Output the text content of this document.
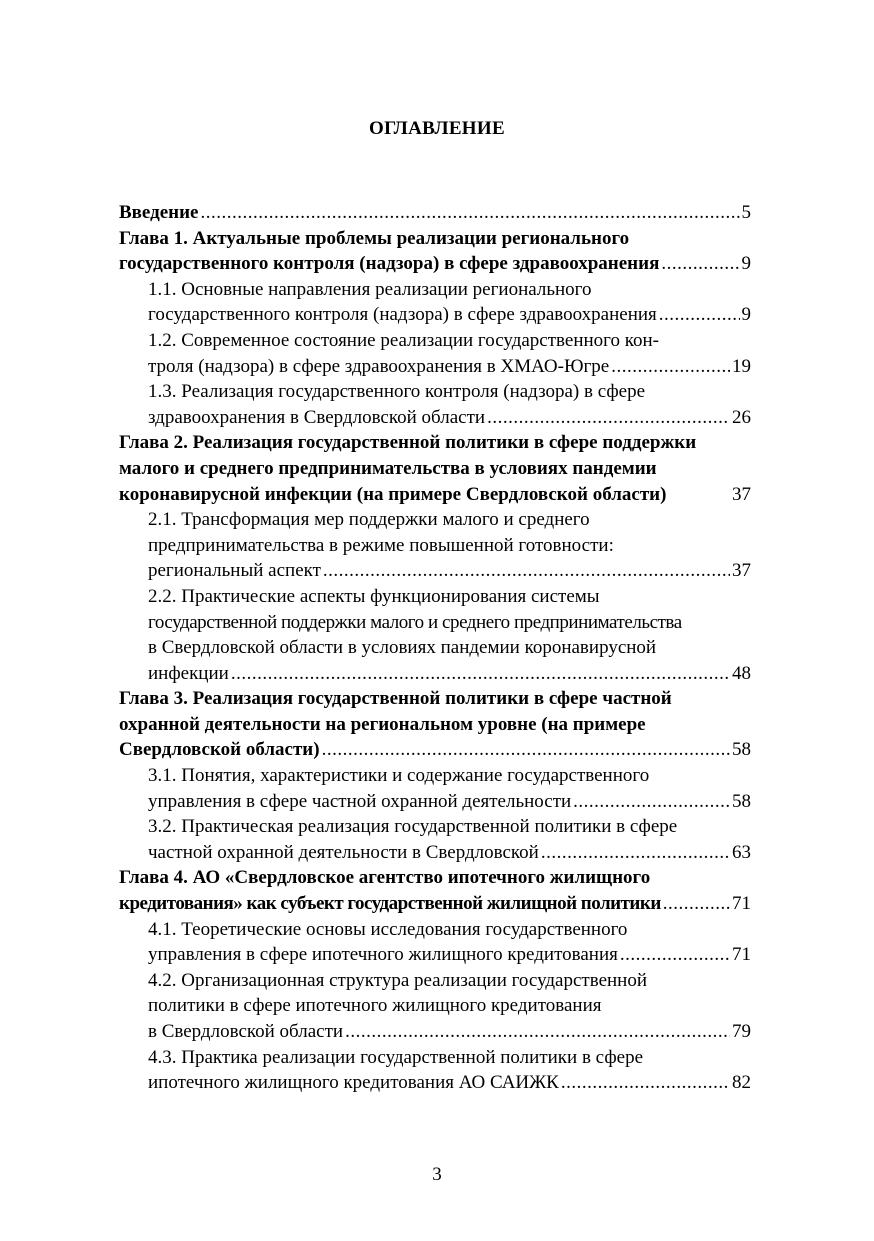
ОГЛАВЛЕНИЕ
Введение .....	5
Глава 1. Актуальные проблемы реализации регионального
государственного контроля (надзора) в сфере здравоохранения .....	9
1.1. Основные направления реализации регионального
государственного контроля (надзора) в сфере здравоохранения .....	9
1.2. Современное состояние реализации государственного кон-
троля (надзора) в сфере здравоохранения в ХМАО-Югре .....	19
1.3. Реализация государственного контроля (надзора) в сфере
здравоохранения в Свердловской области .....	26
Глава 2. Реализация государственной политики в сфере поддержки
малого и среднего предпринимательства в условиях пандемии
коронавирусной инфекции (на примере Свердловской области)	37
2.1. Трансформация мер поддержки малого и среднего
предпринимательства в режиме повышенной готовности:
региональный аспект .....	37
2.2. Практические аспекты функционирования системы
государственной поддержки малого и среднего предпринимательства
в Свердловской области в условиях пандемии коронавирусной
инфекции .....	48
Глава 3. Реализация государственной политики в сфере частной
охранной деятельности на региональном уровне (на примере
Свердловской области) .....	58
3.1. Понятия, характеристики и содержание государственного
управления в сфере частной охранной деятельности .....	58
3.2. Практическая реализация государственной политики в сфере
частной охранной деятельности в Свердловской .....	63
Глава 4. АО «Свердловское агентство ипотечного жилищного
кредитования» как субъект государственной жилищной политики .....	71
4.1. Теоретические основы исследования государственного
управления в сфере ипотечного жилищного кредитования .....	71
4.2. Организационная структура реализации государственной
политики в сфере ипотечного жилищного кредитования
в Свердловской области .....	79
4.3. Практика реализации государственной политики в сфере
ипотечного жилищного кредитования АО САИЖК .....	82
3
